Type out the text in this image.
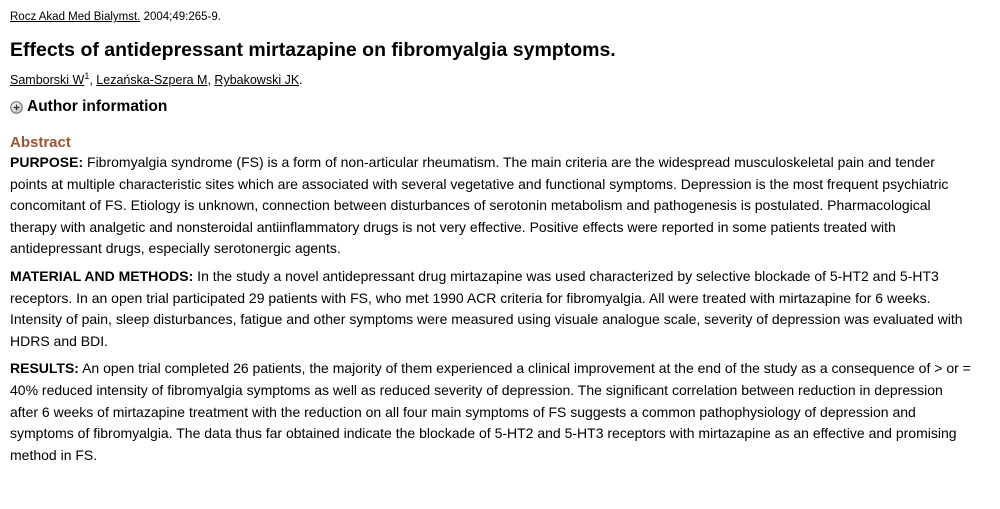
Rocz Akad Med Bialymst. 2004;49:265-9.

Effects of antidepressant mirtazapine on fibromyalgia symptoms.

Samborski $W^1$, Lezańska-Szpera M, Rybakowski JK.

Author information
Abstract

PURPOSE: Fibromyalgia syndrome (FS) is a form of non-articular rheumatism. The main criteria are the widespread musculoskeletal pain and tender points at multiple characteristic sites which are associated with several vegetative and functional symptoms. Depression is the most frequent psychiatric concomitant of FS. Etiology is unknown, connection between disturbances of serotonin metabolism and pathogenesis is postulated. Pharmacological therapy with analgetic and nonsteroidal antiinflammatory drugs is not very effective. Positive effects were reported in some patients treated with antidepressant drugs, especially serotonergic agents.

MATERIAL AND METHODS: In the study a novel antidepressant drug mirtazapine was used characterized by selective blockade of 5-HT2 and 5-HT3 receptors. In an open trial participated 29 patients with FS, who met 1990 ACR criteria for fibromyalgia. All were treated with mirtazapine for 6 weeks. Intensity of pain, sleep disturbances, fatigue and other symptoms were measured using visuale analogue scale, severity of depression was evaluated with HDRS and BDI.

RESULTS: An open trial completed 26 patients, the majority of them experienced a clinical improvement at the end of the study as a consequence of > or = 40% reduced intensity of fibromyalgia symptoms as well as reduced severity of depression. The significant correlation between reduction in depression after 6 weeks of mirtazapine treatment with the reduction on all four main symptoms of FS suggests a common pathophysiology of depression and symptoms of fibromyalgia. The data thus far obtained indicate the blockade of 5-HT2 and 5-HT3 receptors with mirtazapine as an effective and promising method in FS.
